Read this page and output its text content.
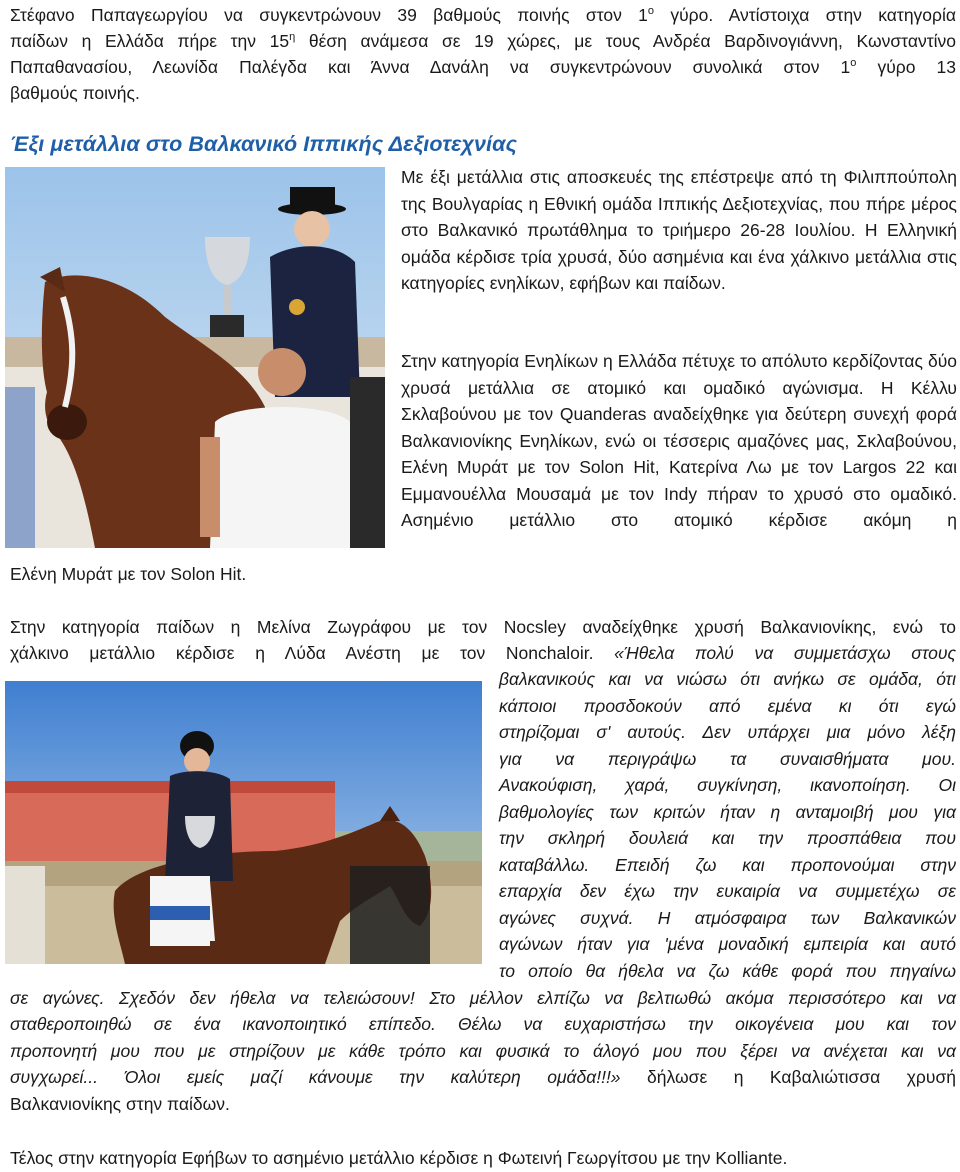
Στέφανο Παπαγεωργίου να συγκεντρώνουν 39 βαθμούς ποινής στον $1^o$ γύρο. Αντίστοιχα στην κατηγορία
παίδων η Ελλάδα πήρε την $15^\eta$ θέση ανάμεσα σε 19 χώρες, με τους Ανδρέα Βαρδινογιάννη, Κωνσταντίνο
Παπαθανασίου, Λεωνίδα Παλέγδα και Άννα Δανάλη να συγκεντρώνουν συνολικά στον $1^o$ γύρο 13
βαθμούς ποινής.
Έξι μετάλλια στο Βαλκανικό Ιππικής Δεξιοτεχνίας
Με έξι μετάλλια στις αποσκευές της επέστρεψε από τη Φιλιππούπολη της Βουλγαρίας η Εθνική ομάδα Ιππικής Δεξιοτεχνίας, που πήρε μέρος στο Βαλκανικό πρωτάθλημα το τριήμερο 26-28 Ιουλίου. Η Ελληνική ομάδα κέρδισε τρία χρυσά, δύο ασημένια και ένα χάλκινο μετάλλια στις κατηγορίες ενηλίκων, εφήβων και παίδων.
Στην κατηγορία Ενηλίκων η Ελλάδα πέτυχε το απόλυτο κερδίζοντας δύο χρυσά μετάλλια σε ατομικό και ομαδικό αγώνισμα. Η Κέλλυ Σκλαβούνου με τον Quanderas αναδείχθηκε για δεύτερη συνεχή φορά Βαλκανιονίκης Ενηλίκων, ενώ οι τέσσερις αμαζόνες μας, Σκλαβούνου, Ελένη Μυράτ με τον Solon Hit, Κατερίνα Λω με τον Largos 22 και Εμμανουέλλα Μουσαμά με τον Indy πήραν το χρυσό στο ομαδικό. Ασημένιο μετάλλιο στο ατομικό κέρδισε ακόμη η
Ελένη Μυράτ με τον Solon Hit.
Στην κατηγορία παίδων η Μελίνα Ζωγράφου με τον Nocsley αναδείχθηκε χρυσή Βαλκανιονίκης, ενώ το
χάλκινο μετάλλιο κέρδισε η Λύδα Ανέστη με τον Nonchaloir. «Ήθελα πολύ να συμμετάσχω στους
βαλκανικούς και να νιώσω ότι ανήκω σε ομάδα, ότι
κάποιοι προσδοκούν από εμένα κι ότι εγώ
στηρίζομαι σ' αυτούς. Δεν υπάρχει μια μόνο λέξη
για να περιγράψω τα συναισθήματα μου.
Ανακούφιση, χαρά, συγκίνηση, ικανοποίηση. Οι
βαθμολογίες των κριτών ήταν η ανταμοιβή μου για
την σκληρή δουλειά και την προσπάθεια που
καταβάλλω. Επειδή ζω και προπονούμαι στην
επαρχία δεν έχω την ευκαιρία να συμμετέχω σε
αγώνες συχνά. Η ατμόσφαιρα των Βαλκανικών
αγώνων ήταν για 'μένα μοναδική εμπειρία και αυτό
το οποίο θα ήθελα να ζω κάθε φορά που πηγαίνω
σε αγώνες. Σχεδόν δεν ήθελα να τελειώσουν! Στο μέλλον ελπίζω να βελτιωθώ ακόμα περισσότερο και να
σταθεροποιηθώ σε ένα ικανοποιητικό επίπεδο. Θέλω να ευχαριστήσω την οικογένεια μου και τον
προπονητή μου που με στηρίζουν με κάθε τρόπο και φυσικά το άλογό μου που ξέρει να ανέχεται και να
συγχωρεί... Όλοι εμείς μαζί κάνουμε την καλύτερη ομάδα!!!» δήλωσε η Καβαλιώτισσα χρυσή
Βαλκανιονίκης στην παίδων.
Τέλος στην κατηγορία Εφήβων το ασημένιο μετάλλιο κέρδισε η Φωτεινή Γεωργίτσου με την Kolliante.
